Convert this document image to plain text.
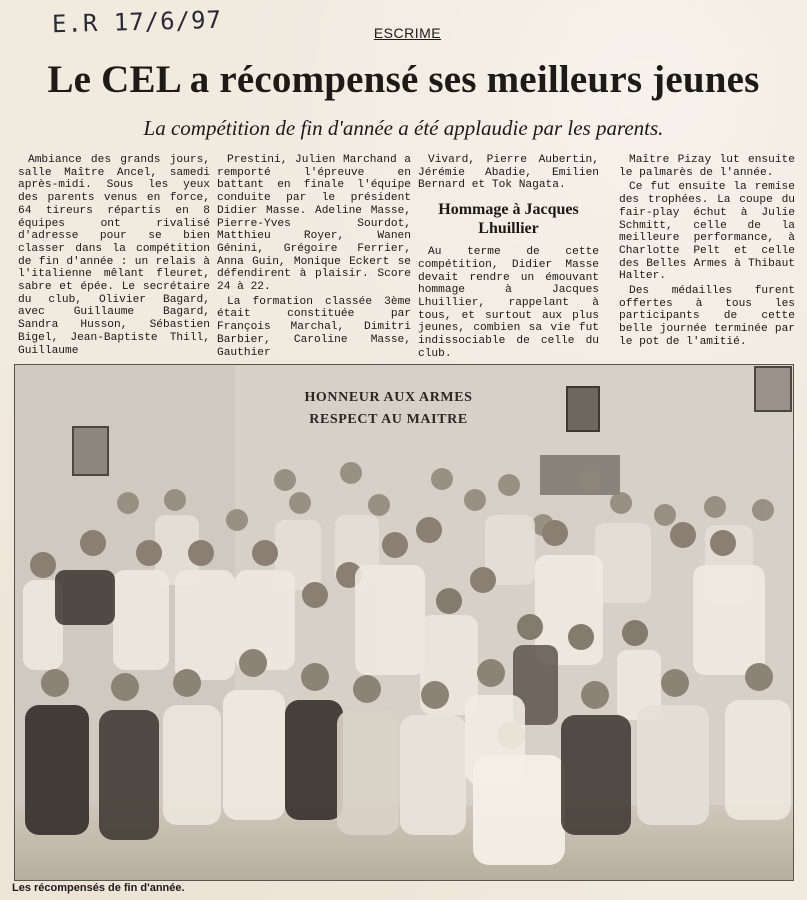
E.R 17/6/97	ESCRIME
Le CEL a récompensé ses meilleurs jeunes
La compétition de fin d'année a été applaudie par les parents.

Ambiance des grands jours, salle Maître Ancel, samedi après-midi. Sous les yeux des parents venus en force, 64 tireurs répartis en 8 équipes ont rivalisé d'adresse pour se bien classer dans la compétition de fin d'année : un relais à l'italienne mêlant fleuret, sabre et épée. Le secrétaire du club, Olivier Bagard, avec Guillaume Bagard, Sandra Husson, Sébastien Bigel, Jean-Baptiste Thill, Guillaume

Prestini, Julien Marchand a remporté l'épreuve en battant en finale l'équipe conduite par le président Didier Masse. Adeline Masse, Pierre-Yves Sourdot, Matthieu Royer, Wanen Génini, Grégoire Ferrier, Anna Guin, Monique Eckert se défendirent à plaisir. Score 24 à 22.

La formation classée 3ème était constituée par François Marchal, Dimitri Barbier, Caroline Masse, Gauthier

Vivard, Pierre Aubertin, Jérémie Abadie, Emilien Bernard et Tok Nagata.

Hommage à Jacques Lhuillier

Au terme de cette compétition, Didier Masse devait rendre un émouvant hommage à Jacques Lhuillier, rappelant à tous, et surtout aux plus jeunes, combien sa vie fut indissociable de celle du club.

Maître Pizay lut ensuite le palmarès de l'année.

Ce fut ensuite la remise des trophées. La coupe du fair-play échut à Julie Schmitt, celle de la meilleure performance, à Charlotte Pelt et celle des Belles Armes à Thibaut Halter.

Des médailles furent offertes à tous les participants de cette belle journée terminée par le pot de l'amitié.

HONNEUR AUX ARMES
RESPECT AU MAITRE
Les récompensés de fin d'année.
